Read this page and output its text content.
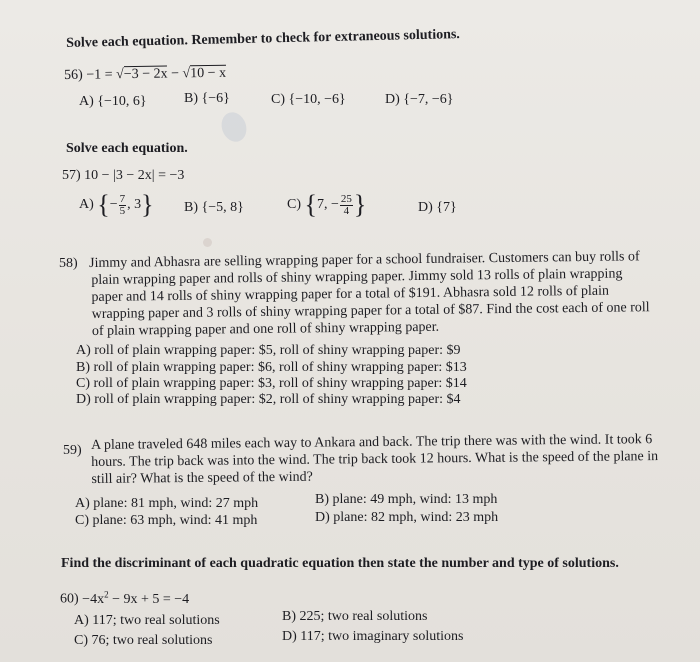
Solve each equation. Remember to check for extraneous solutions.
56) −1 = √−3 − 2x − √10 − x
A) {−10, 6}	B) {−6}	C) {−10, −6}	D) {−7, −6}
Solve each equation.
57) 10 − |3 − 2x| = −3
A) {− $\frac{7}{5}$ , 3} B) {−5, 8}	C) {7, − $\frac{25}{4}$ }	D) {7}
58) Jimmy and Abhasra are selling wrapping paper for a school fundraiser. Customers can buy rolls of plain wrapping paper and rolls of shiny wrapping paper. Jimmy sold 13 rolls of plain wrapping paper and 14 rolls of shiny wrapping paper for a total of $191. Abhasra sold 12 rolls of plain wrapping paper and 3 rolls of shiny wrapping paper for a total of $87. Find the cost each of one roll of plain wrapping paper and one roll of shiny wrapping paper.
A) roll of plain wrapping paper: $5, roll of shiny wrapping paper: $9
B) roll of plain wrapping paper: $6, roll of shiny wrapping paper: $13
C) roll of plain wrapping paper: $3, roll of shiny wrapping paper: $14
D) roll of plain wrapping paper: $2, roll of shiny wrapping paper: $4
59) A plane traveled 648 miles each way to Ankara and back. The trip there was with the wind. It took 6 hours. The trip back was into the wind. The trip back took 12 hours. What is the speed of the plane in still air? What is the speed of the wind?
A) plane: 81 mph, wind: 27 mph	B) plane: 49 mph, wind: 13 mph
C) plane: 63 mph, wind: 41 mph	D) plane: 82 mph, wind: 23 mph
Find the discriminant of each quadratic equation then state the number and type of solutions.
$60) -4x^2 - 9x + 5 = -4$
A) 117; two real solutions	B) 225; two real solutions
C) 76; two real solutions	D) 117; two imaginary solutions
